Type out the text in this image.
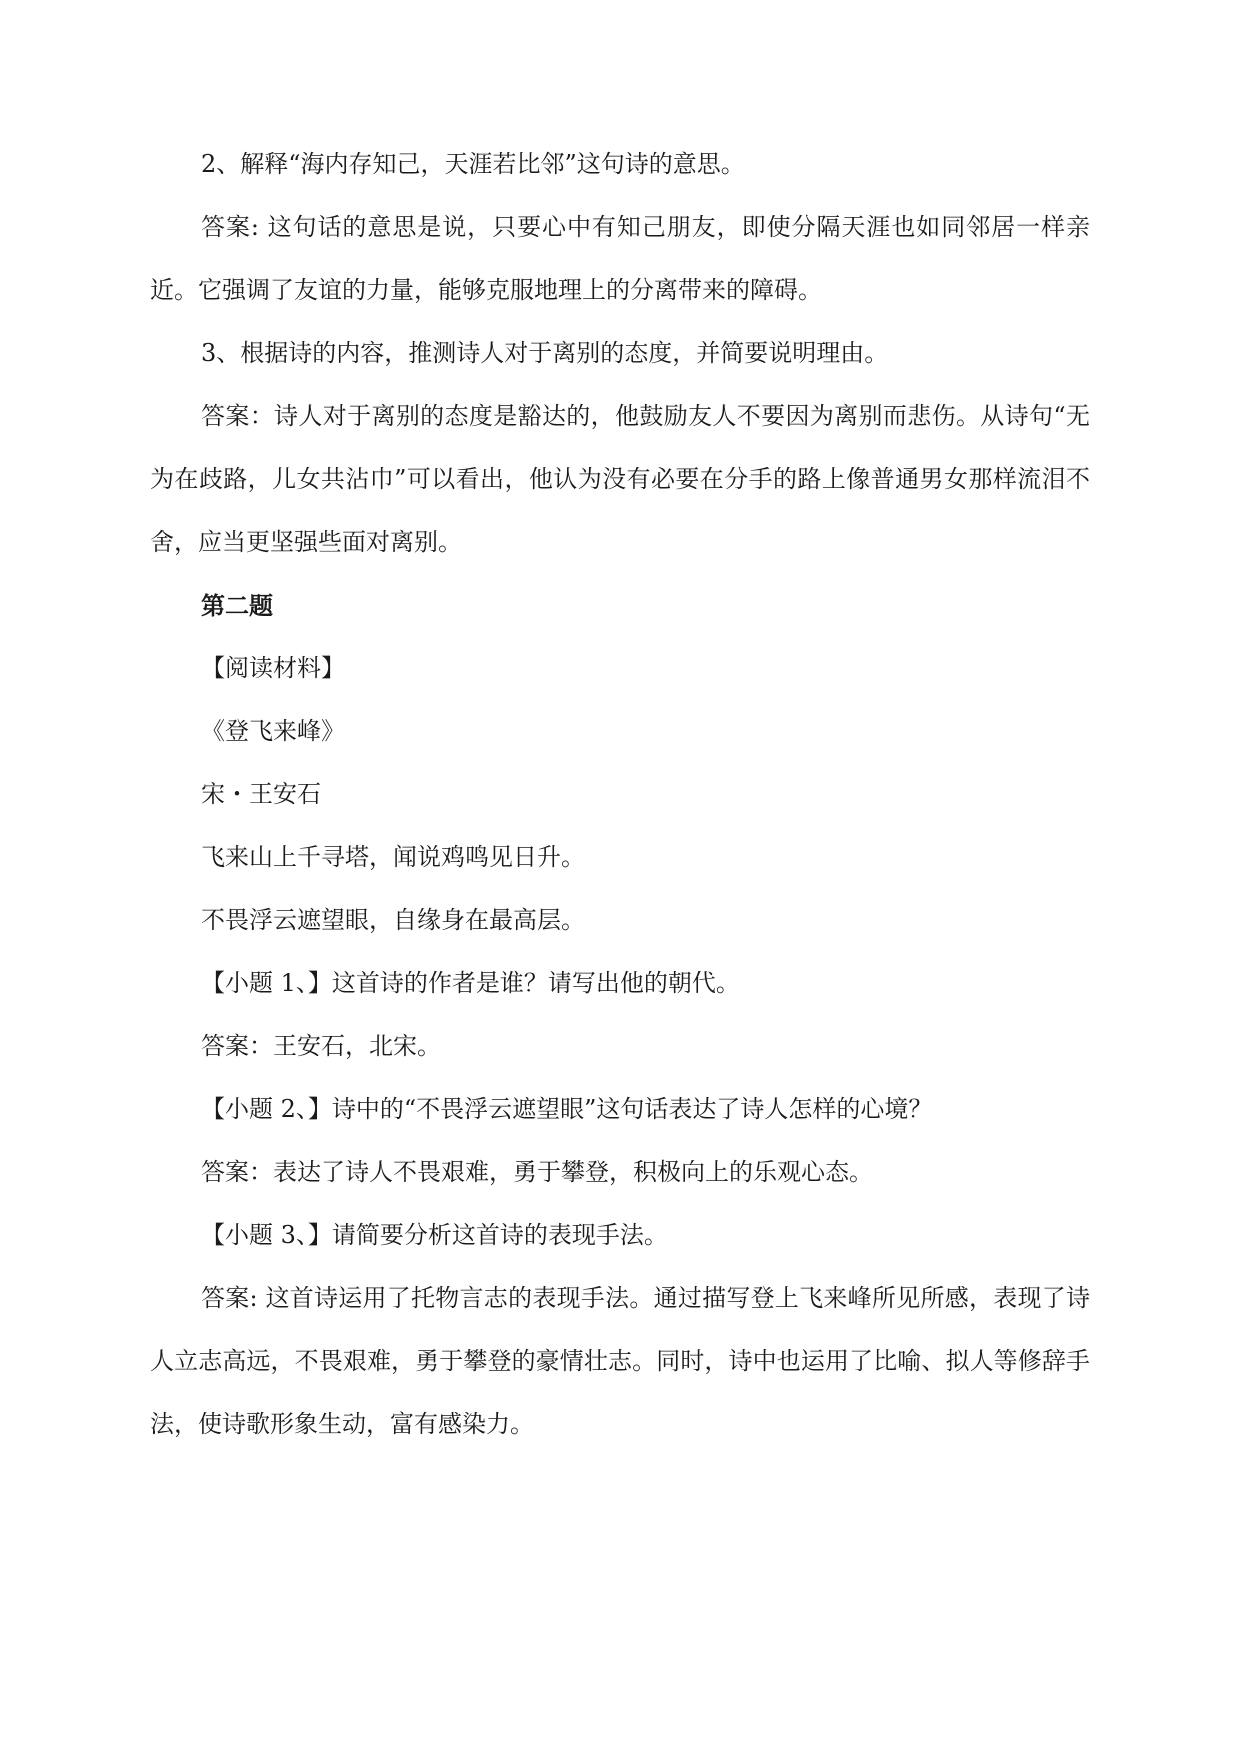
2、解释“海内存知己，天涯若比邻”这句诗的意思。

答案: 这句话的意思是说，只要心中有知己朋友，即使分隔天涯也如同邻居一样亲近。它强调了友谊的力量，能够克服地理上的分离带来的障碍。

3、根据诗的内容，推测诗人对于离别的态度，并简要说明理由。

答案：诗人对于离别的态度是豁达的，他鼓励友人不要因为离别而悲伤。从诗句“无为在歧路，儿女共沾巾”可以看出，他认为没有必要在分手的路上像普通男女那样流泪不舍，应当更坚强些面对离别。

第二题

【阅读材料】

《登飞来峰》

宋・王安石

飞来山上千寻塔，闻说鸡鸣见日升。

不畏浮云遮望眼，自缘身在最高层。

【小题 1、】这首诗的作者是谁？请写出他的朝代。

答案：王安石，北宋。

【小题 2、】诗中的“不畏浮云遮望眼”这句话表达了诗人怎样的心境？

答案：表达了诗人不畏艰难，勇于攀登，积极向上的乐观心态。

【小题 3、】请简要分析这首诗的表现手法。

答案: 这首诗运用了托物言志的表现手法。通过描写登上飞来峰所见所感，表现了诗人立志高远，不畏艰难，勇于攀登的豪情壮志。同时，诗中也运用了比喻、拟人等修辞手法，使诗歌形象生动，富有感染力。
